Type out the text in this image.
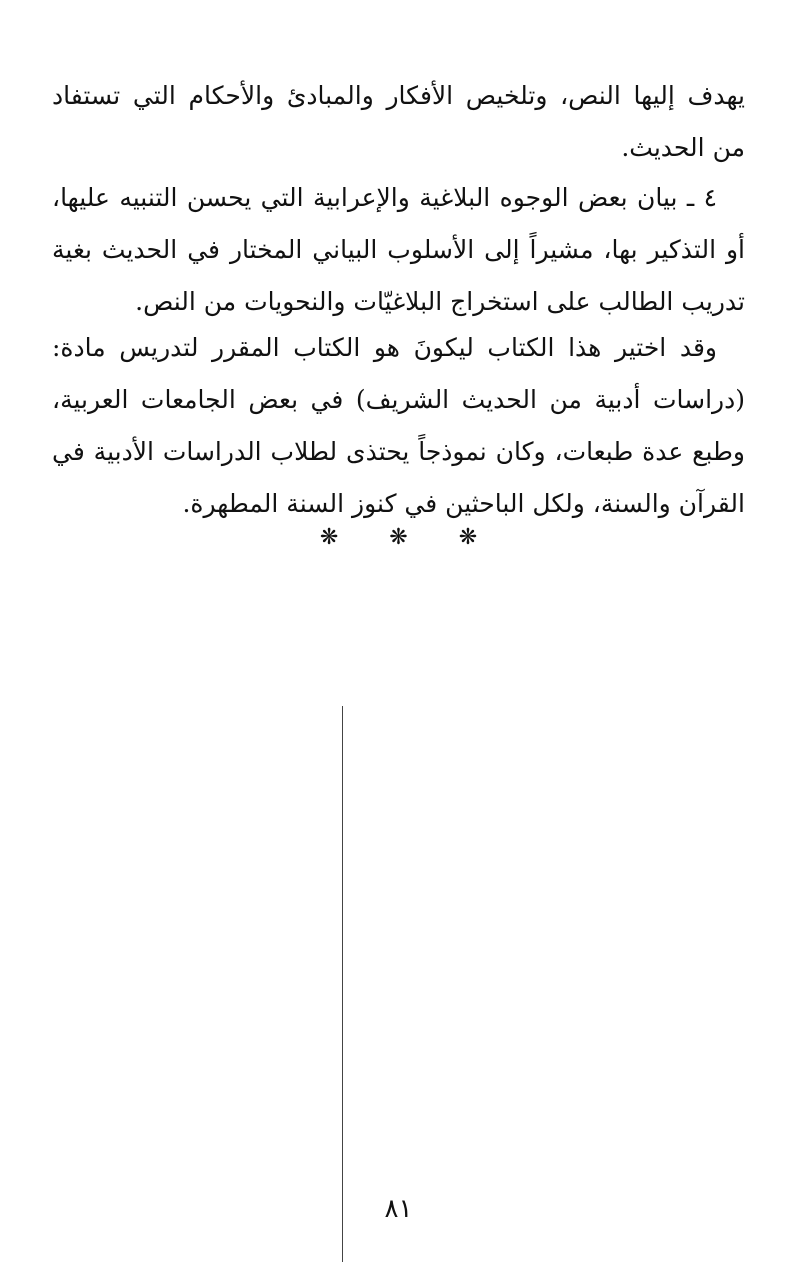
يهدف إليها النص، وتلخيص الأفكار والمبادئ والأحكام التي تستفاد من الحديث.

٤ ـ بيان بعض الوجوه البلاغية والإعرابية التي يحسن التنبيه عليها، أو التذكير بها، مشيراً إلى الأسلوب البياني المختار في الحديث بغية تدريب الطالب على استخراج البلاغيّات والنحويات من النص.

وقد اختير هذا الكتاب ليكونَ هو الكتاب المقرر لتدريس مادة: (دراسات أدبية من الحديث الشريف) في بعض الجامعات العربية، وطبع عدة طبعات، وكان نموذجاً يحتذى لطلاب الدراسات الأدبية في القرآن والسنة، ولكل الباحثين في كنوز السنة المطهرة.

❋ ❋ ❋
٨١
